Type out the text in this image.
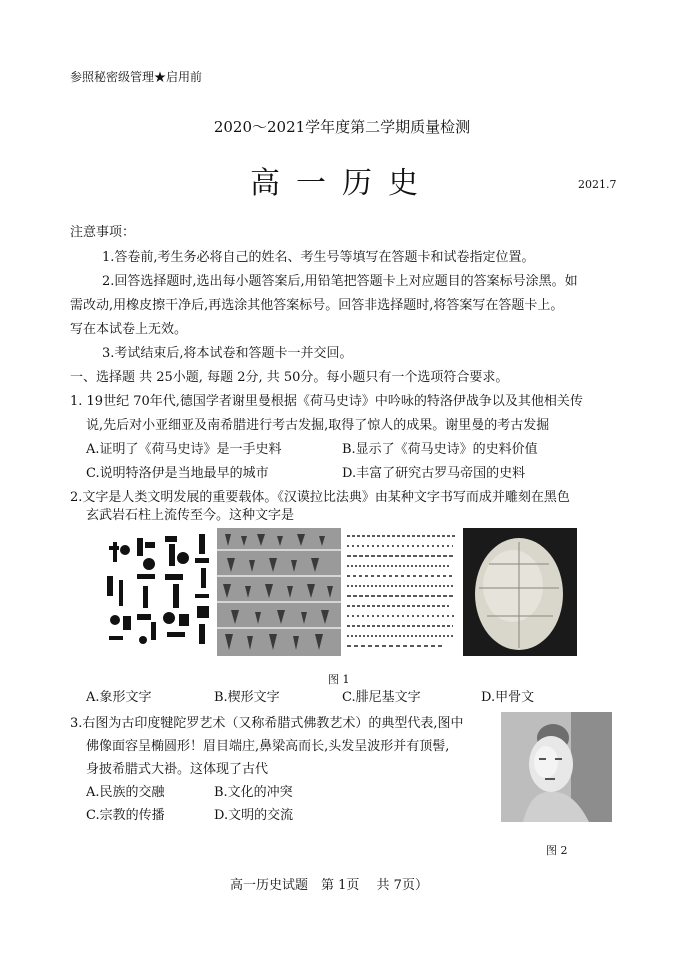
参照秘密级管理★启用前
2020～2021学年度第二学期质量检测
高一历史	2021.7
注意事项：
1.答卷前,考生务必将自己的姓名、考生号等填写在答题卡和试卷指定位置。
2.回答选择题时,选出每小题答案后,用铅笔把答题卡上对应题目的答案标号涂黑。如
需改动,用橡皮擦干净后,再选涂其他答案标号。回答非选择题时,将答案写在答题卡上。
写在本试卷上无效。
3.考试结束后,将本试卷和答题卡一并交回。
一、选择题 共 25小题, 每题 2分, 共 50分。每小题只有一个选项符合要求。
1. 19世纪 70年代,德国学者谢里曼根据《荷马史诗》中吟咏的特洛伊战争以及其他相关传
说,先后对小亚细亚及南希腊进行考古发掘,取得了惊人的成果。谢里曼的考古发掘
A.证明了《荷马史诗》是一手史料	B.显示了《荷马史诗》的史料价值
C.说明特洛伊是当地最早的城市	D.丰富了研究古罗马帝国的史料
2.文字是人类文明发展的重要载体。《汉谟拉比法典》由某种文字书写而成并雕刻在黑色
玄武岩石柱上流传至今。这种文字是
图 1
A.象形文字	B.楔形文字	C.腓尼基文字	D.甲骨文
3.右图为古印度犍陀罗艺术（又称希腊式佛教艺术）的典型代表,图中
佛像面容呈椭圆形！眉目端庄,鼻梁高而长,头发呈波形并有顶髻,
身披希腊式大褂。这体现了古代
A.民族的交融	B.文化的冲突
C.宗教的传播	D.文明的交流
图 2
高一历史试题　第 1页　 共 7页）
